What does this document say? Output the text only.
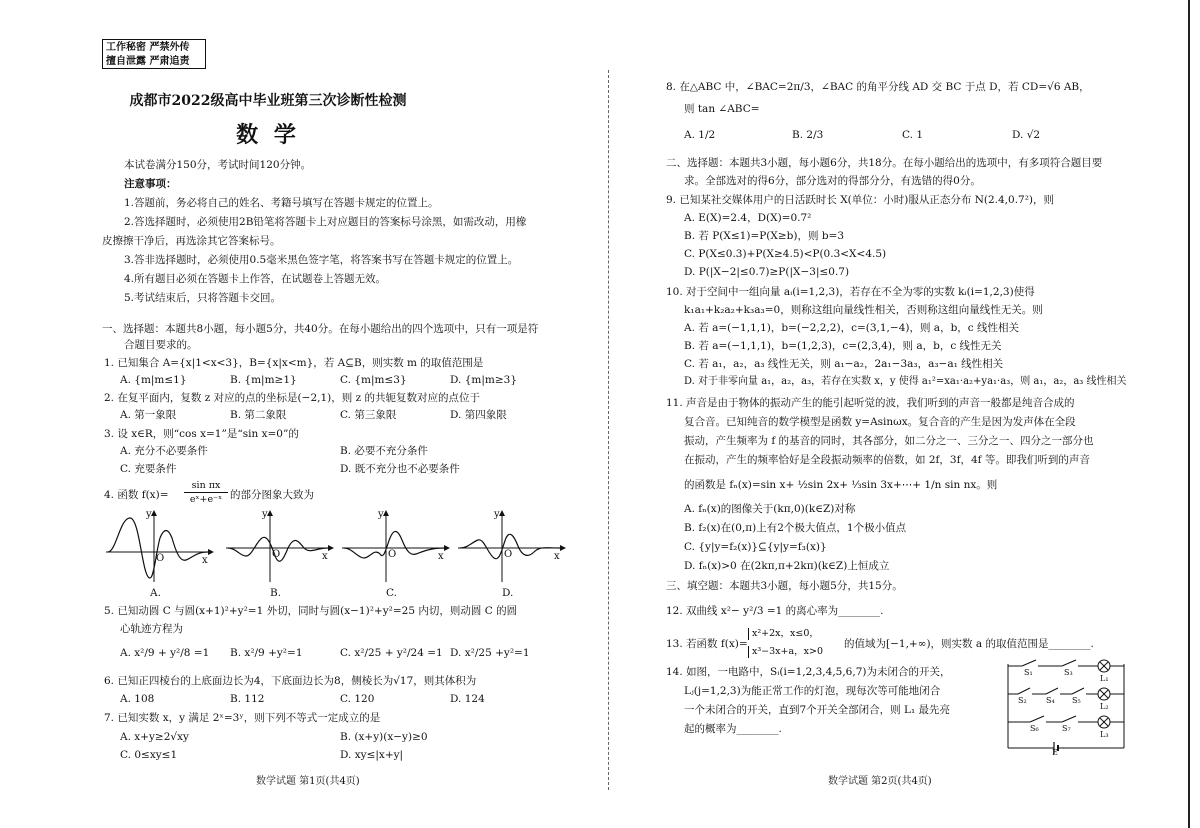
工作秘密 严禁外传
擅自泄露 严肃追责
成都市2022级高中毕业班第三次诊断性检测
数 学
本试卷满分150分，考试时间120分钟。
注意事项：
1.答题前，务必将自己的姓名、考籍号填写在答题卡规定的位置上。
2.答选择题时，必须使用2B铅笔将答题卡上对应题目的答案标号涂黑，如需改动，用橡
皮擦擦干净后，再选涂其它答案标号。
3.答非选择题时，必须使用0.5毫米黑色签字笔，将答案书写在答题卡规定的位置上。
4.所有题目必须在答题卡上作答，在试题卷上答题无效。
5.考试结束后，只将答题卡交回。
一、选择题：本题共8小题，每小题5分，共40分。在每小题给出的四个选项中，只有一项是符
合题目要求的。
1. 已知集合 A={x|1<x<3}，B={x|x<m}，若 A⊆B，则实数 m 的取值范围是
A. {m|m≤1}	B. {m|m≥1}	C. {m|m≤3}	D. {m|m≥3}
2. 在复平面内，复数 z 对应的点的坐标是(−2,1)，则 z 的共轭复数对应的点位于
A. 第一象限	B. 第二象限	C. 第三象限	D. 第四象限
3. 设 x∈R，则“cos x=1”是“sin x=0”的
A. 充分不必要条件	B. 必要不充分条件
C. 充要条件	D. 既不充分也不必要条件
4. 函数 f(x)=
sin πx
eˣ+e⁻ˣ 的部分图象大致为
y
x
O
A.
y
x
O
B.
y
x
O
C.
y
x
O
D.
5. 已知动圆 C 与圆(x+1)²+y²=1 外切，同时与圆(x−1)²+y²=25 内切，则动圆 C 的圆
心轨迹方程为
A. x²/9 + y²/8 =1 B. x²/9 +y²=1	C. x²/25 + y²/24 =1 D. x²/25 +y²=1
6. 已知正四棱台的上底面边长为4，下底面边长为8，侧棱长为√17，则其体积为
A. 108	B. 112	C. 120	D. 124
7. 已知实数 x，y 满足 2ˣ=3ʸ，则下列不等式一定成立的是
A. x+y≥2√xy	B. (x+y)(x−y)≥0
C. 0≤xy≤1	D. xy≤|x+y|
数学试题 第1页(共4页)
8. 在△ABC 中，∠BAC=2π/3，∠BAC 的角平分线 AD 交 BC 于点 D，若 CD=√6 AB，
则 tan ∠ABC=
A. 1/2	B. 2/3	C. 1	D. √2
二、选择题：本题共3小题，每小题6分，共18分。在每小题给出的选项中，有多项符合题目要
求。全部选对的得6分，部分选对的得部分分，有选错的得0分。
9. 已知某社交媒体用户的日活跃时长 X(单位：小时)服从正态分布 N(2.4,0.7²)，则
A. E(X)=2.4，D(X)=0.7²
B. 若 P(X≤1)=P(X≥b)，则 b=3
C. P(X≤0.3)+P(X≥4.5)<P(0.3<X<4.5)
D. P(|X−2|≤0.7)≥P(|X−3|≤0.7)
10. 对于空间中一组向量 aᵢ(i=1,2,3)，若存在不全为零的实数 kᵢ(i=1,2,3)使得
k₁a₁+k₂a₂+k₃a₃=0，则称这组向量线性相关，否则称这组向量线性无关。则
A. 若 a=(−1,1,1)，b=(−2,2,2)，c=(3,1,−4)，则 a，b，c 线性相关
B. 若 a=(−1,1,1)，b=(1,2,3)，c=(2,3,4)，则 a，b，c 线性无关
C. 若 a₁，a₂，a₃ 线性无关，则 a₁−a₂，2a₁−3a₃，a₃−a₁ 线性相关
D. 对于非零向量 a₁，a₂，a₃，若存在实数 x，y 使得 a₁²=xa₁·a₂+ya₁·a₃，则 a₁，a₂，a₃ 线性相关
11. 声音是由于物体的振动产生的能引起听觉的波，我们听到的声音一般都是纯音合成的
复合音。已知纯音的数学模型是函数 y=Asinωx。复合音的产生是因为发声体在全段
振动，产生频率为 f 的基音的同时，其各部分，如二分之一、三分之一、四分之一部分也
在振动，产生的频率恰好是全段振动频率的倍数，如 2f，3f，4f 等。即我们听到的声音
的函数是 fₙ(x)=sin x+ ½sin 2x+ ⅓sin 3x+⋯+ 1/n sin nx。则
A. fₙ(x)的图像关于(kπ,0)(k∈Z)对称
B. f₂(x)在(0,π)上有2个极大值点，1个极小值点
C. {y|y=f₂(x)}⊆{y|y=f₃(x)}
D. fₙ(x)>0 在(2kπ,π+2kπ)(k∈Z)上恒成立
三、填空题：本题共3小题，每小题5分，共15分。
12. 双曲线 x²− y²/3 =1 的离心率为________.
13. 若函数 f(x)=
x²+2x，x≤0，
x³−3x+a，x>0
的值域为[−1,+∞)，则实数 a 的取值范围是________.
14. 如图，一电路中，Sᵢ(i=1,2,3,4,5,6,7)为未闭合的开关，
Lⱼ(j=1,2,3)为能正常工作的灯泡，现每次等可能地闭合
一个未闭合的开关，直到7个开关全部闭合，则 L₁ 最先亮
起的概率为________.
数学试题 第2页(共4页)
S₁	S₃
S₂ S₄ S₅
S₆	S₇
L₁
L₂
L₃
E
